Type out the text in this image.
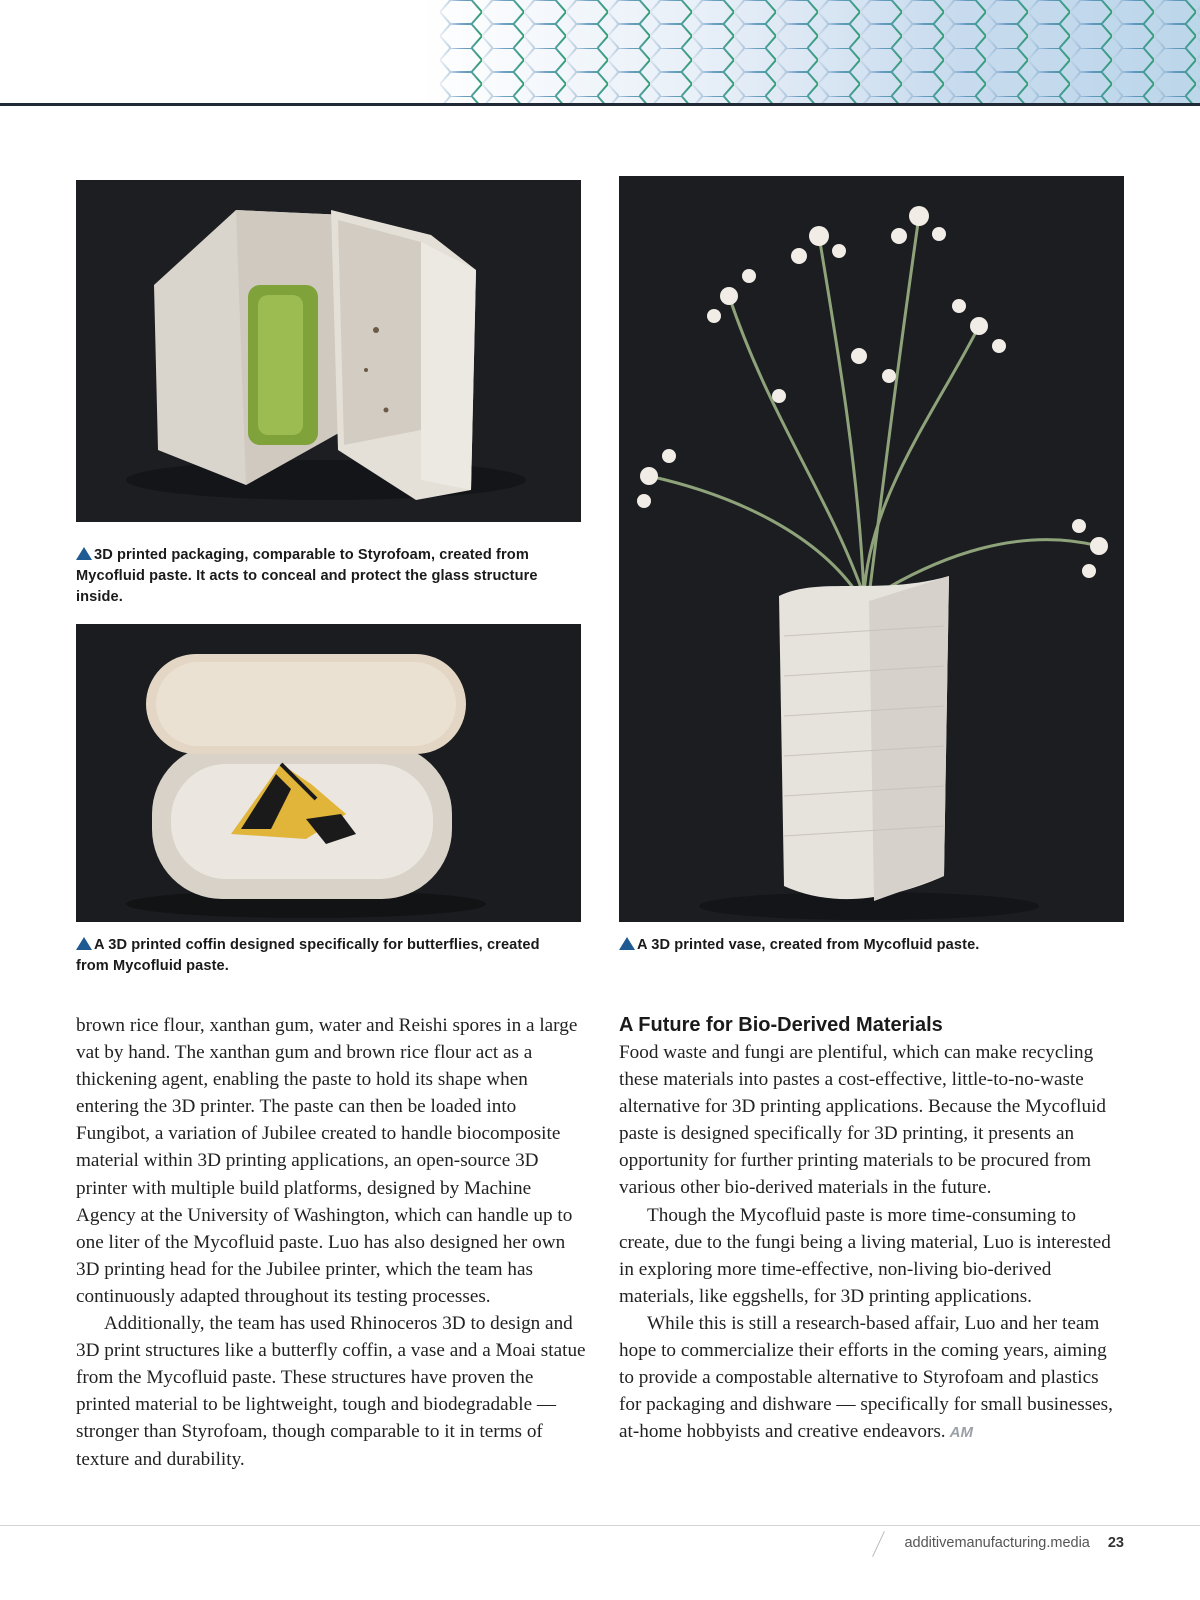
3D printed packaging, comparable to Styrofoam, created from Mycofluid paste. It acts to conceal and protect the glass structure inside.
A 3D printed coffin designed specifically for butterflies, created from Mycofluid paste.
A 3D printed vase, created from Mycofluid paste.

brown rice flour, xanthan gum, water and Reishi spores in a large vat by hand. The xanthan gum and brown rice flour act as a thickening agent, enabling the paste to hold its shape when entering the 3D printer. The paste can then be loaded into Fungibot, a variation of Jubilee created to handle biocomposite material within 3D printing applications, an open-source 3D printer with multiple build platforms, designed by Machine Agency at the University of Washington, which can handle up to one liter of the Mycofluid paste. Luo has also designed her own 3D printing head for the Jubilee printer, which the team has continuously adapted throughout its testing processes.

Additionally, the team has used Rhinoceros 3D to design and 3D print structures like a butterfly coffin, a vase and a Moai statue from the Mycofluid paste. These structures have proven the printed material to be lightweight, tough and biodegradable — stronger than Styrofoam, though comparable to it in terms of texture and durability.

A Future for Bio-Derived Materials

Food waste and fungi are plentiful, which can make recycling these materials into pastes a cost-effective, little-to-no-waste alternative for 3D printing applications. Because the Mycofluid paste is designed specifically for 3D printing, it presents an opportunity for further printing materials to be procured from various other bio-derived materials in the future.

Though the Mycofluid paste is more time-consuming to create, due to the fungi being a living material, Luo is interested in exploring more time-effective, non-living bio-derived materials, like eggshells, for 3D printing applications.

While this is still a research-based affair, Luo and her team hope to commercialize their efforts in the coming years, aiming to provide a compostable alternative to Styrofoam and plastics for packaging and dishware — specifically for small businesses, at-home hobbyists and creative endeavors. AM

additivemanufacturing.media 23
